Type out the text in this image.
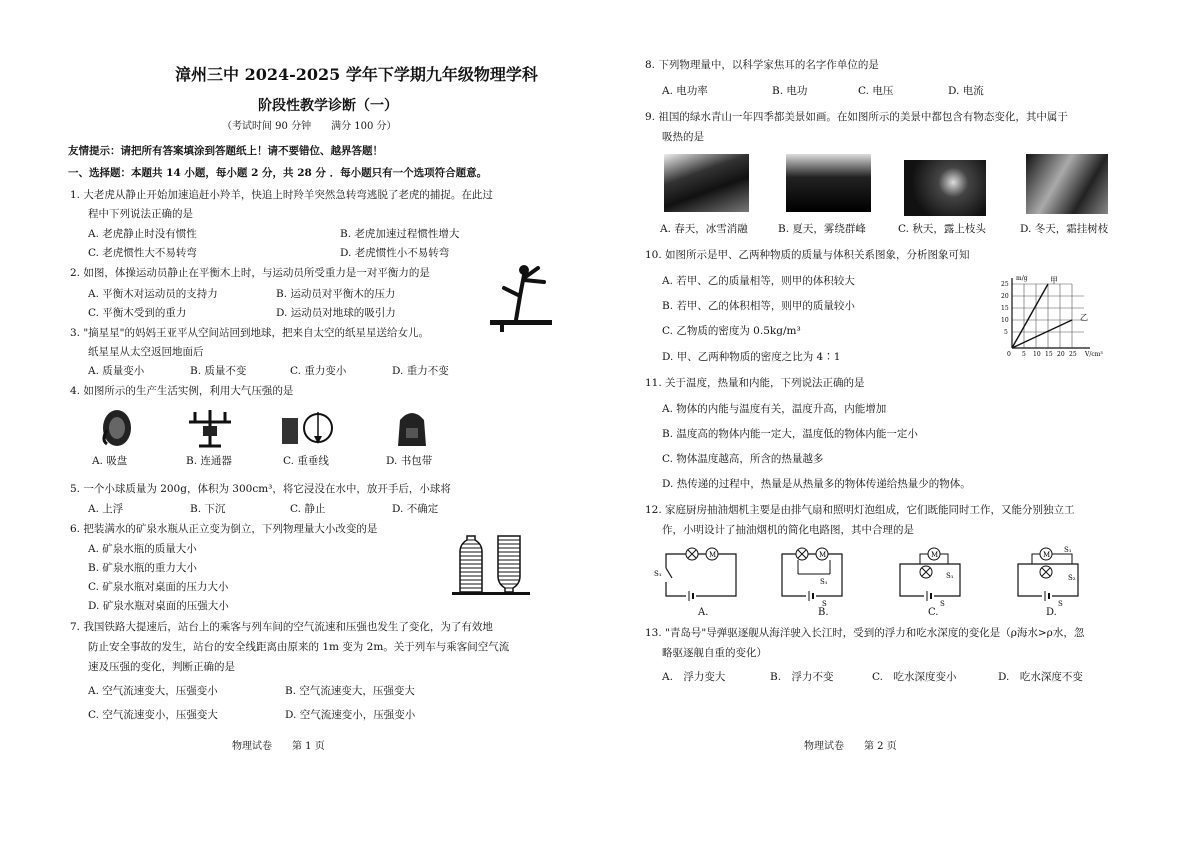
漳州三中 2024-2025 学年下学期九年级物理学科
阶段性教学诊断（一）
（考试时间 90 分钟　　满分 100 分）
友情提示：请把所有答案填涂到答题纸上！请不要错位、越界答题！
一、选择题：本题共 14 小题，每小题 2 分，共 28 分 ．每小题只有一个选项符合题意。
1. 大老虎从静止开始加速追赶小羚羊，快追上时羚羊突然急转弯逃脱了老虎的捕捉。在此过
程中下列说法正确的是
A. 老虎静止时没有惯性	B. 老虎加速过程惯性增大
C. 老虎惯性大不易转弯	D. 老虎惯性小不易转弯
2. 如图，体操运动员静止在平衡木上时，与运动员所受重力是一对平衡力的是
A. 平衡木对运动员的支持力	B. 运动员对平衡木的压力
C. 平衡木受到的重力	D. 运动员对地球的吸引力
3. "摘星星"的妈妈王亚平从空间站回到地球，把来自太空的纸星星送给女儿。
纸星星从太空返回地面后
A. 质量变小	B. 质量不变	C. 重力变小	D. 重力不变
4. 如图所示的生产生活实例，利用大气压强的是
A. 吸盘	B. 连通器	C. 重垂线	D. 书包带
5. 一个小球质量为 200g，体积为 300cm³，将它浸没在水中，放开手后，小球将
A. 上浮	B. 下沉	C. 静止	D. 不确定
6. 把装满水的矿泉水瓶从正立变为倒立，下列物理量大小改变的是
A. 矿泉水瓶的质量大小
B. 矿泉水瓶的重力大小
C. 矿泉水瓶对桌面的压力大小
D. 矿泉水瓶对桌面的压强大小
7. 我国铁路大提速后，站台上的乘客与列车间的空气流速和压强也发生了变化，为了有效地
防止安全事故的发生，站台的安全线距离由原来的 1m 变为 2m。关于列车与乘客间空气流
速及压强的变化，判断正确的是
A. 空气流速变大，压强变小	B. 空气流速变大，压强变大
C. 空气流速变小，压强变大	D. 空气流速变小，压强变小
物理试卷　　第 1 页
8. 下列物理量中，以科学家焦耳的名字作单位的是
A. 电功率	B. 电功	C. 电压	D. 电流
9. 祖国的绿水青山一年四季都美景如画。在如图所示的美景中都包含有物态变化，其中属于
吸热的是
A. 春天，冰雪消融	B. 夏天，雾绕群峰	C. 秋天，露上枝头	D. 冬天，霜挂树枝
10. 如图所示是甲、乙两种物质的质量与体积关系图象，分析图象可知
A. 若甲、乙的质量相等，则甲的体积较大
B. 若甲、乙的体积相等，则甲的质量较小
C. 乙物质的密度为 0.5kg/m³
D. 甲、乙两种物质的密度之比为 4∶1
m/g
V/cm³
甲
乙
0 5 10 15 20 25
5
10
15
20
25
11. 关于温度，热量和内能，下列说法正确的是
A. 物体的内能与温度有关，温度升高，内能增加
B. 温度高的物体内能一定大，温度低的物体内能一定小
C. 物体温度越高，所含的热量越多
D. 热传递的过程中，热量是从热量多的物体传递给热量少的物体。
12. 家庭厨房抽油烟机主要是由排气扇和照明灯泡组成，它们既能同时工作，又能分别独立工
作，小明设计了抽油烟机的简化电路图，其中合理的是
M
S₁
A.
M
S₁
S
B.
M
S₁
S
C.
M
S₁
S₂
S
D.
13. "青岛号"导弹驱逐舰从海洋驶入长江时，受到的浮力和吃水深度的变化是（ρ海水>ρ水，忽
略驱逐舰自重的变化）
A.　浮力变大	B.　浮力不变	C.　吃水深度变小	D.　吃水深度不变
物理试卷　　第 2 页
